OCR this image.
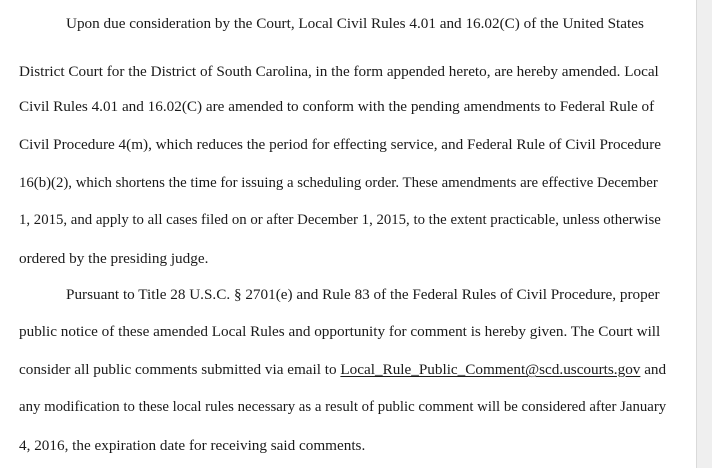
Upon due consideration by the Court, Local Civil Rules 4.01 and 16.02(C) of the United States

District Court for the District of South Carolina, in the form appended hereto, are hereby amended. Local

Civil Rules 4.01 and 16.02(C) are amended to conform with the pending amendments to Federal Rule of

Civil Procedure 4(m), which reduces the period for effecting service, and Federal Rule of Civil Procedure

16(b)(2), which shortens the time for issuing a scheduling order. These amendments are effective December

1, 2015, and apply to all cases filed on or after December 1, 2015, to the extent practicable, unless otherwise

ordered by the presiding judge.

Pursuant to Title 28 U.S.C. § 2701(e) and Rule 83 of the Federal Rules of Civil Procedure, proper

public notice of these amended Local Rules and opportunity for comment is hereby given. The Court will

consider all public comments submitted via email to Local_Rule_Public_Comment@scd.uscourts.gov and

any modification to these local rules necessary as a result of public comment will be considered after January

4, 2016, the expiration date for receiving said comments.
